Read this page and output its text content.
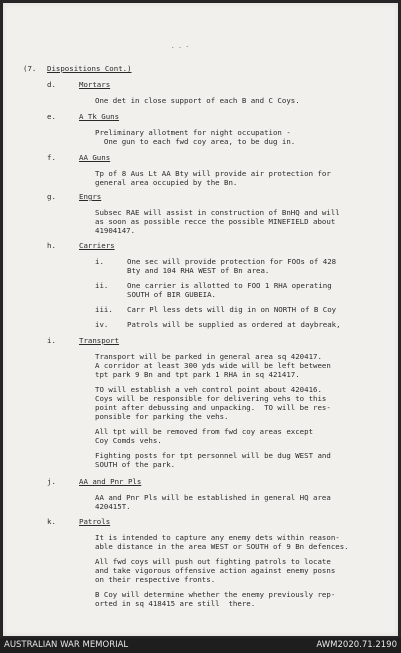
. . -
(7. Dispositions Cont.)
d.	Mortars
One det in close support of each B and C Coys.
e.	A Tk Guns
Preliminary allotment for night occupation -
One gun to each fwd coy area, to be dug in.
f.	AA Guns
Tp of 8 Aus Lt AA Bty will provide air protection for
general area occupied by the Bn.
g.	Engrs
Subsec RAE will assist in construction of BnHQ and will
as soon as possible recce the possible MINEFIELD about
41904147.
h.	Carriers
i.	One sec will provide protection for FOOs of 428
Bty and 104 RHA WEST of Bn area.
ii.	One carrier is allotted to FOO 1 RHA operating
SOUTH of BIR GUBEIA.
iii. Carr Pl less dets will dig in on NORTH of B Coy
iv.	Patrols will be supplied as ordered at daybreak,
i.	Transport
Transport will be parked in general area sq 420417.
A corridor at least 300 yds wide will be left between
tpt park 9 Bn and tpt park 1 RHA in sq 421417.
TO will establish a veh control point about 420416.
Coys will be responsible for delivering vehs to this
point after debussing and unpacking.  TO will be res-
ponsible for parking the vehs.
All tpt will be removed from fwd coy areas except
Coy Comds vehs.
Fighting posts for tpt personnel will be dug WEST and
SOUTH of the park.
j.	AA and Pnr Pls
AA and Pnr Pls will be established in general HQ area
420415T.
k.	Patrols
It is intended to capture any enemy dets within reason-
able distance in the area WEST or SOUTH of 9 Bn defences.
All fwd coys will push out fighting patrols to locate
and take vigorous offensive action against enemy posns
on their respective fronts.
B Coy will determine whether the enemy previously rep-
orted in sq 418415 are still  there.
AUSTRALIAN WAR MEMORIAL	AWM2020.71.2190
